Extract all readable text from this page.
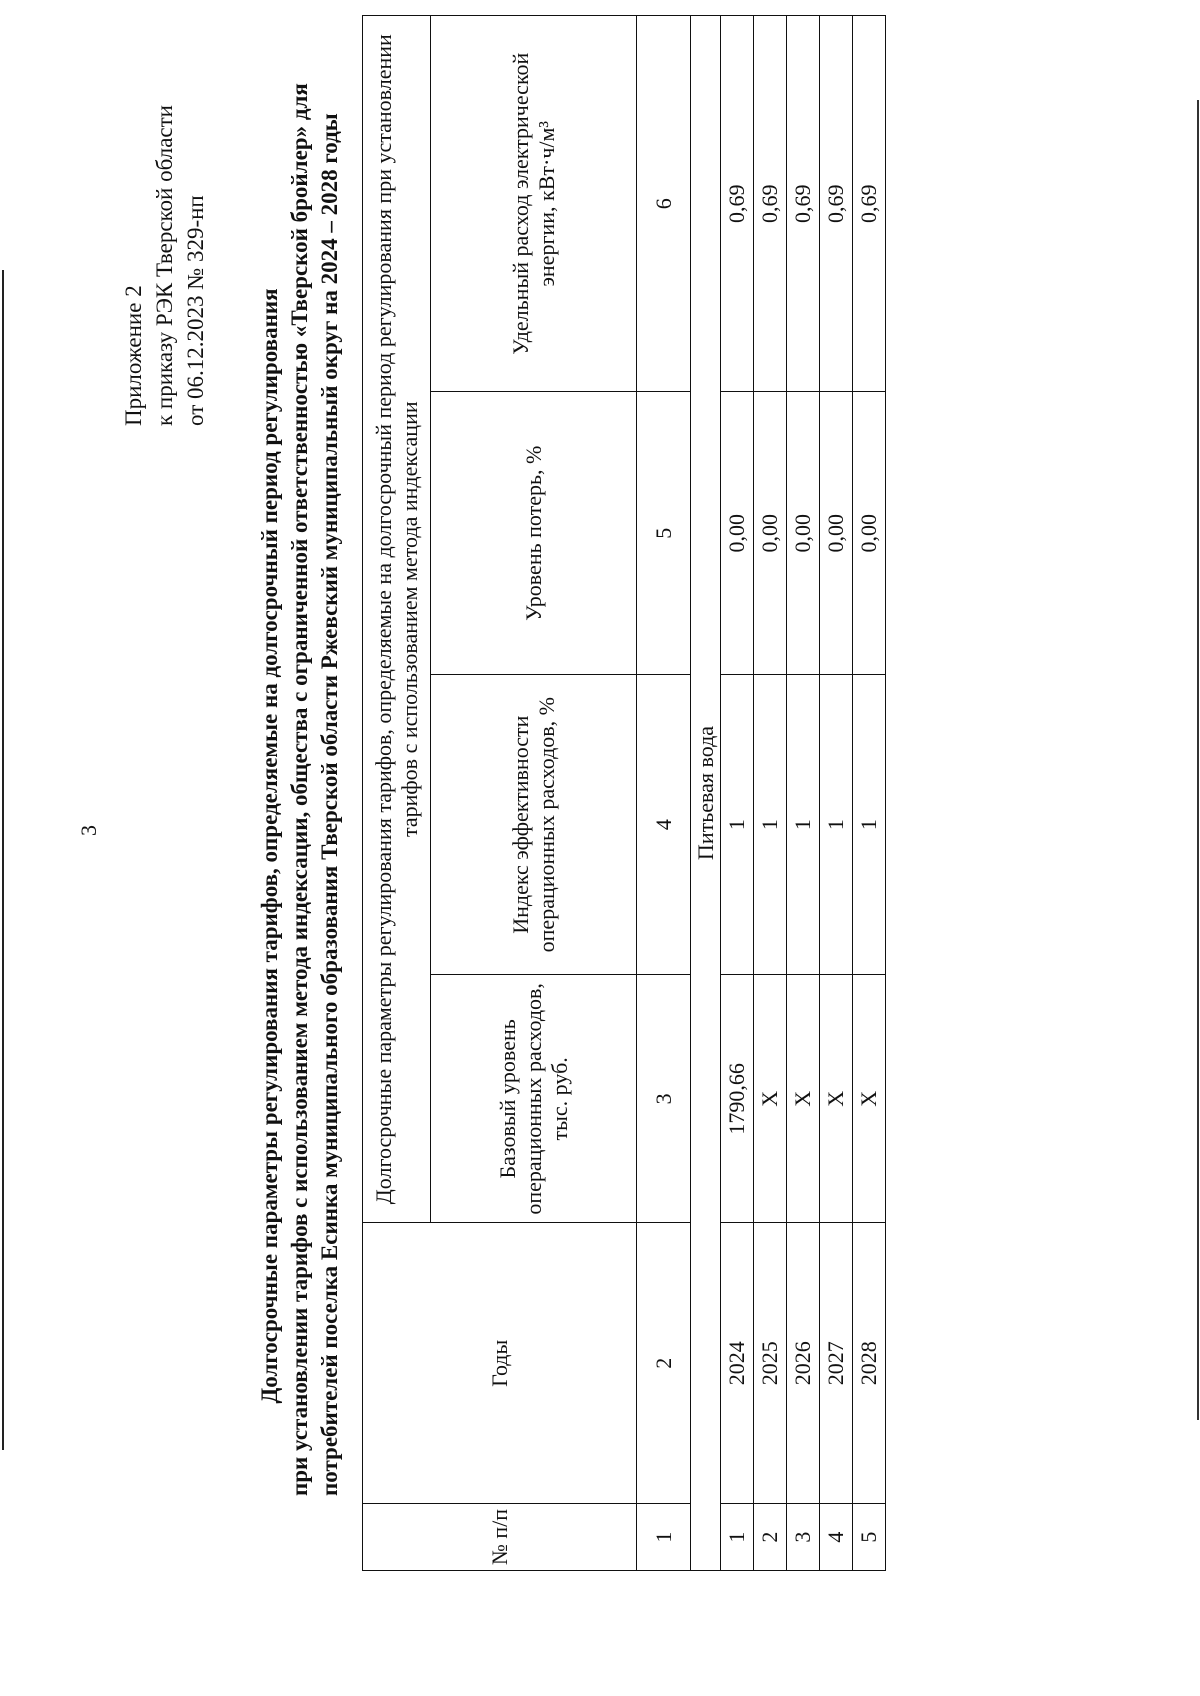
3
Приложение 2 к приказу РЭК Тверской области от 06.12.2023 № 329-нп Долгосрочные параметры регулирования тарифов, определяемые на долгосрочный период регулирования при установлении тарифов с использованием метода индексации, общества с ограниченной ответственностью «Тверской бройлер» для потребителей поселка Есинка муниципального образования Тверской области Ржевский муниципальный округ на 2024 – 2028 годы
№ п/п	Годы	Долгосрочные параметры регулирования тарифов, определяемые на долгосрочный период регулирования при установлении тарифов с использованием метода индексации			
		Базовый уровень операционных расходов, тыс. руб.	Индекс эффективности операционных расходов, %	Уровень потерь, %	Удельный расход электрической энергии, кВт·ч/м³
1	2	3	4	5	6
Питьевая вода					
1	2024	1790,66	1	0,00	0,69
2	2025	X	1	0,00	0,69
3	2026	X	1	0,00	0,69
4	2027	X	1	0,00	0,69
5	2028	X	1	0,00	0,69
